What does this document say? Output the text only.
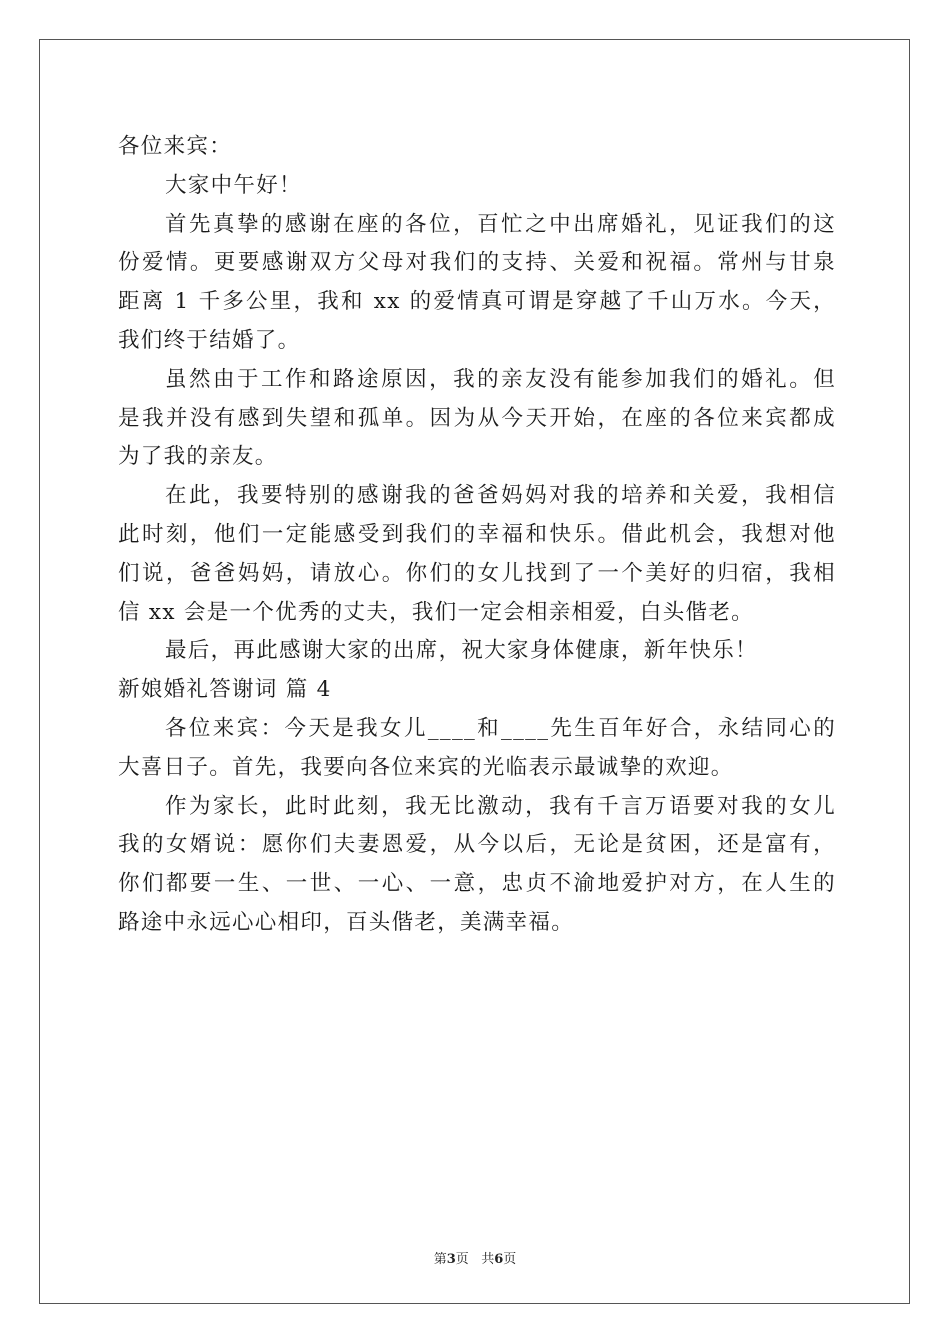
各位来宾：
大家中午好！
首先真挚的感谢在座的各位，百忙之中出席婚礼，见证我们的这
份爱情。更要感谢双方父母对我们的支持、关爱和祝福。常州与甘泉
距离 1 千多公里，我和 xx 的爱情真可谓是穿越了千山万水。今天，
我们终于结婚了。
虽然由于工作和路途原因，我的亲友没有能参加我们的婚礼。但
是我并没有感到失望和孤单。因为从今天开始，在座的各位来宾都成
为了我的亲友。
在此，我要特别的感谢我的爸爸妈妈对我的培养和关爱，我相信
此时刻，他们一定能感受到我们的幸福和快乐。借此机会，我想对他
们说，爸爸妈妈，请放心。你们的女儿找到了一个美好的归宿，我相
信 xx 会是一个优秀的丈夫，我们一定会相亲相爱，白头偕老。
最后，再此感谢大家的出席，祝大家身体健康，新年快乐！
新娘婚礼答谢词 篇 4
各位来宾：今天是我女儿____和____先生百年好合，永结同心的
大喜日子。首先，我要向各位来宾的光临表示最诚挚的欢迎。
作为家长，此时此刻，我无比激动，我有千言万语要对我的女儿
我的女婿说：愿你们夫妻恩爱，从今以后，无论是贫困，还是富有，
你们都要一生、一世、一心、一意，忠贞不渝地爱护对方，在人生的
路途中永远心心相印，百头偕老，美满幸福。
第3页 共6页
